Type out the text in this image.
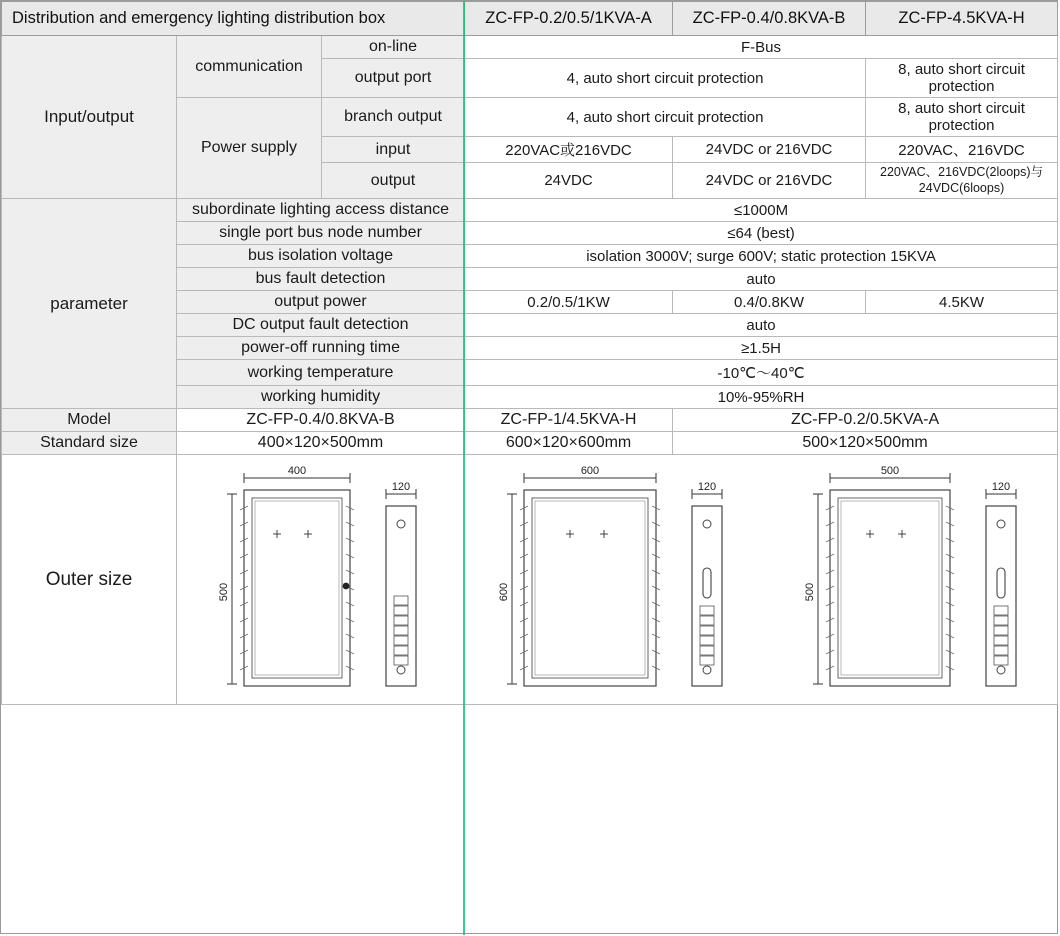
Distribution and emergency lighting distribution box			ZC-FP-0.2/0.5/1KVA-A	ZC-FP-0.4/0.8KVA-B	ZC-FP-4.5KVA-H
Input/output	communication	on-line	F-Bus		
		output port	4, auto short circuit protection		8, auto short circuit protection
	Power supply	branch output	4, auto short circuit protection		8, auto short circuit protection
		input	220VAC或216VDC	24VDC or 216VDC	220VAC、216VDC
		output	24VDC	24VDC or 216VDC	220VAC、216VDC(2loops)与24VDC(6loops)
parameter	subordinate lighting access distance		≤1000M		
	single port bus node number		≤64 (best)		
	bus isolation voltage		isolation 3000V; surge 600V; static protection 15KVA		
	bus fault detection		auto		
	output power		0.2/0.5/1KW	0.4/0.8KW	4.5KW
	DC output fault detection		auto		
	power-off running time		≥1.5H		
	working temperature		-10℃～40℃		
	working humidity		10%-95%RH		
Model	ZC-FP-0.4/0.8KVA-B		ZC-FP-1/4.5KVA-H	ZC-FP-0.2/0.5KVA-A	
Standard size	400×120×500mm		600×120×600mm	500×120×500mm	
Outer size	
400
500
120
600
600
120
500
500
120
